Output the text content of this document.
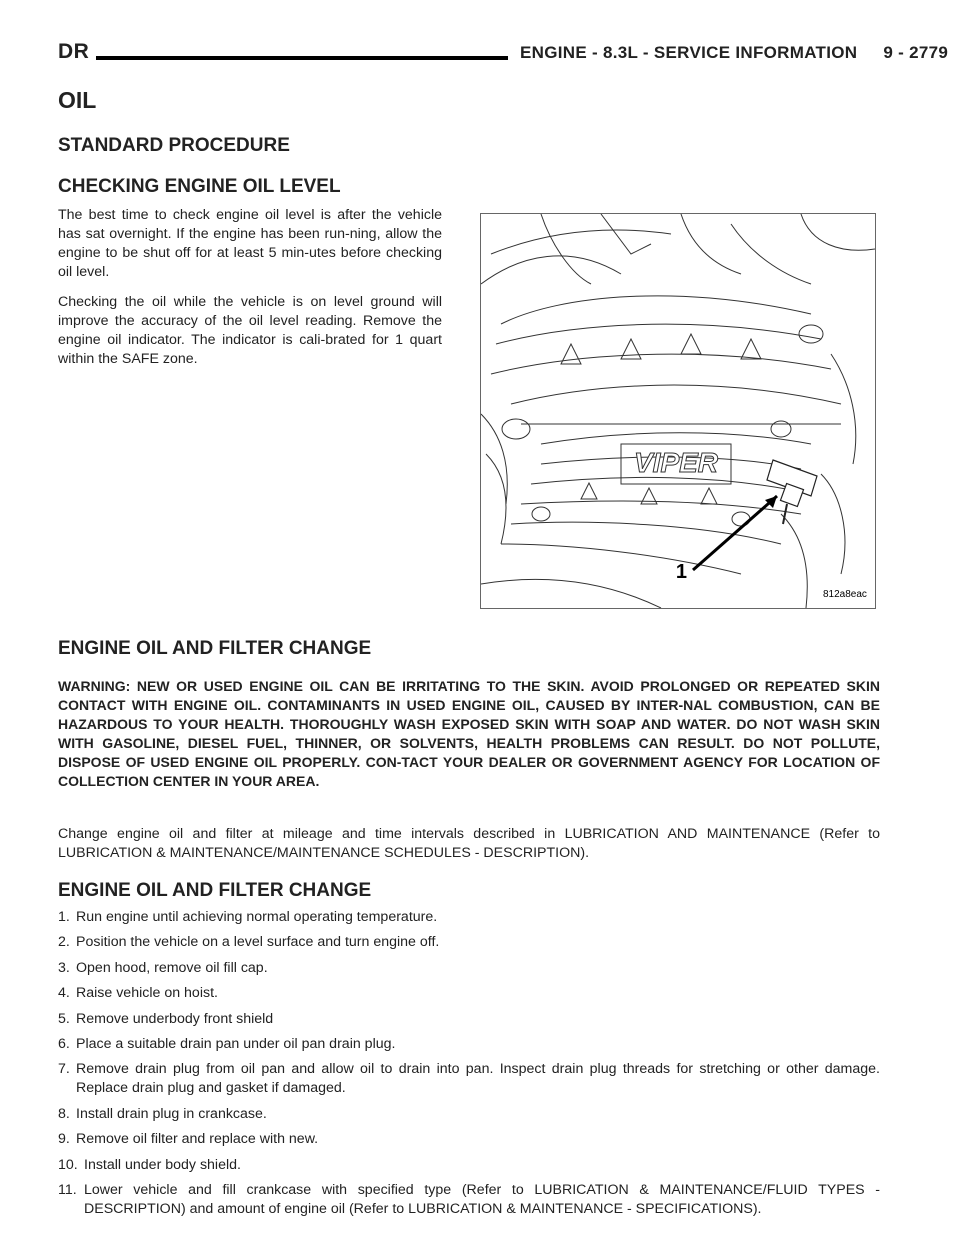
DR	ENGINE - 8.3L - SERVICE INFORMATION 9 - 2779
OIL
STANDARD PROCEDURE
CHECKING ENGINE OIL LEVEL

The best time to check engine oil level is after the vehicle has sat overnight. If the engine has been run-ning, allow the engine to be shut off for at least 5 min-utes before checking oil level.

Checking the oil while the vehicle is on level ground will improve the accuracy of the oil level reading. Remove the engine oil indicator. The indicator is cali-brated for 1 quart within the SAFE zone.

VIPER
1
812a8eac
ENGINE OIL AND FILTER CHANGE

WARNING: NEW OR USED ENGINE OIL CAN BE IRRITATING TO THE SKIN. AVOID PROLONGED OR REPEATED SKIN CONTACT WITH ENGINE OIL. CONTAMINANTS IN USED ENGINE OIL, CAUSED BY INTER-NAL COMBUSTION, CAN BE HAZARDOUS TO YOUR HEALTH. THOROUGHLY WASH EXPOSED SKIN WITH SOAP AND WATER. DO NOT WASH SKIN WITH GASOLINE, DIESEL FUEL, THINNER, OR SOLVENTS, HEALTH PROBLEMS CAN RESULT. DO NOT POLLUTE, DISPOSE OF USED ENGINE OIL PROPERLY. CON-TACT YOUR DEALER OR GOVERNMENT AGENCY FOR LOCATION OF COLLECTION CENTER IN YOUR AREA.

Change engine oil and filter at mileage and time intervals described in LUBRICATION AND MAINTENANCE (Refer to LUBRICATION & MAINTENANCE/MAINTENANCE SCHEDULES - DESCRIPTION).

ENGINE OIL AND FILTER CHANGE
1. Run engine until achieving normal operating temperature.
2. Position the vehicle on a level surface and turn engine off.
3. Open hood, remove oil fill cap.
4. Raise vehicle on hoist.
5. Remove underbody front shield
6. Place a suitable drain pan under oil pan drain plug.
7. Remove drain plug from oil pan and allow oil to drain into pan. Inspect drain plug threads for stretching or other damage. Replace drain plug and gasket if damaged.
8. Install drain plug in crankcase.
9. Remove oil filter and replace with new.
10. Install under body shield.
11. Lower vehicle and fill crankcase with specified type (Refer to LUBRICATION & MAINTENANCE/FLUID TYPES - DESCRIPTION) and amount of engine oil (Refer to LUBRICATION & MAINTENANCE - SPECIFICATIONS).
